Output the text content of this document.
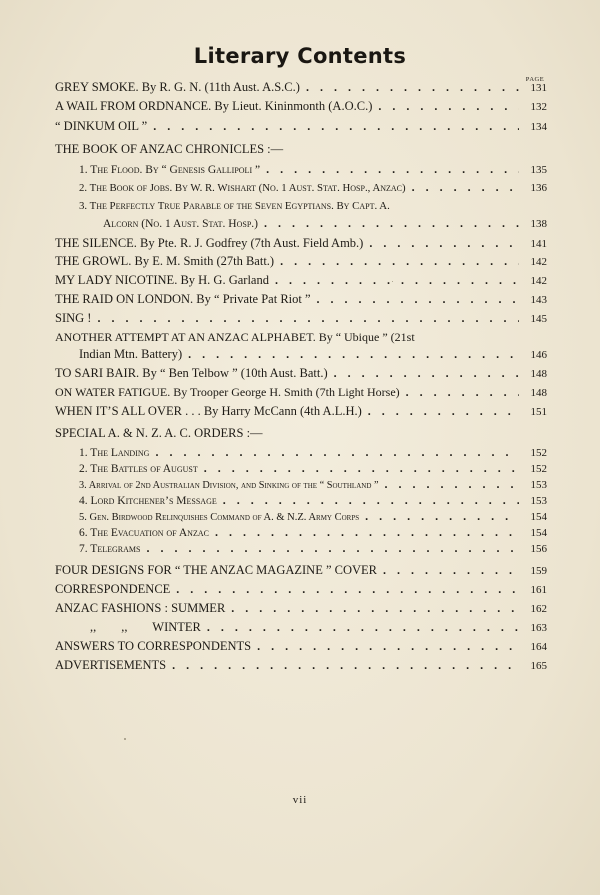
Literary Contents
PAGE
GREY SMOKE. By R. G. N. (11th Aust. A.S.C.) . . .	131
A WAIL FROM ORDNANCE. By Lieut. Kininmonth (A.O.C.) . . .	132
“ DINKUM OIL ” . . .	134
THE BOOK OF ANZAC CHRONICLES :—
1. The Flood. By “ Genesis Gallipoli ” . . .	135
2. The Book of Jobs. By W. R. Wishart (No. 1 Aust. Stat. Hosp., Anzac) . . .	136
3. The Perfectly True Parable of the Seven Egyptians. By Capt. A.
Alcorn (No. 1 Aust. Stat. Hosp.) . . .	138
THE SILENCE. By Pte. R. J. Godfrey (7th Aust. Field Amb.) . . .	141
THE GROWL. By E. M. Smith (27th Batt.) . . .	142
MY LADY NICOTINE. By H. G. Garland . . .	142
THE RAID ON LONDON. By “ Private Pat Riot ” . . .	143
SING ! . . .	145
ANOTHER ATTEMPT AT AN ANZAC ALPHABET. By “ Ubique ” (21st
Indian Mtn. Battery) . . .	146
TO SARI BAIR. By “ Ben Telbow ” (10th Aust. Batt.) . . .	148
ON WATER FATIGUE. By Trooper George H. Smith (7th Light Horse) . . .	148
WHEN IT’S ALL OVER . . . By Harry McCann (4th A.L.H.) . . .	151
SPECIAL A. & N. Z. A. C. ORDERS :—
1. The Landing . . .	152
2. The Battles of August . . .	152
3. Arrival of 2nd Australian Division, and Sinking of the “ Southland ” . . .	153
4. Lord Kitchener’s Message . . .	153
5. Gen. Birdwood Relinquishes Command of A. & N.Z. Army Corps . . .	154
6. The Evacuation of Anzac . . .	154
7. Telegrams . . .	156
FOUR DESIGNS FOR “ THE ANZAC MAGAZINE ” COVER . . .	159
CORRESPONDENCE . . .	161
ANZAC FASHIONS : SUMMER . . .	162
,,        ,,        WINTER . . .	163
ANSWERS TO CORRESPONDENTS . . .	164
ADVERTISEMENTS . . .	165
vii
